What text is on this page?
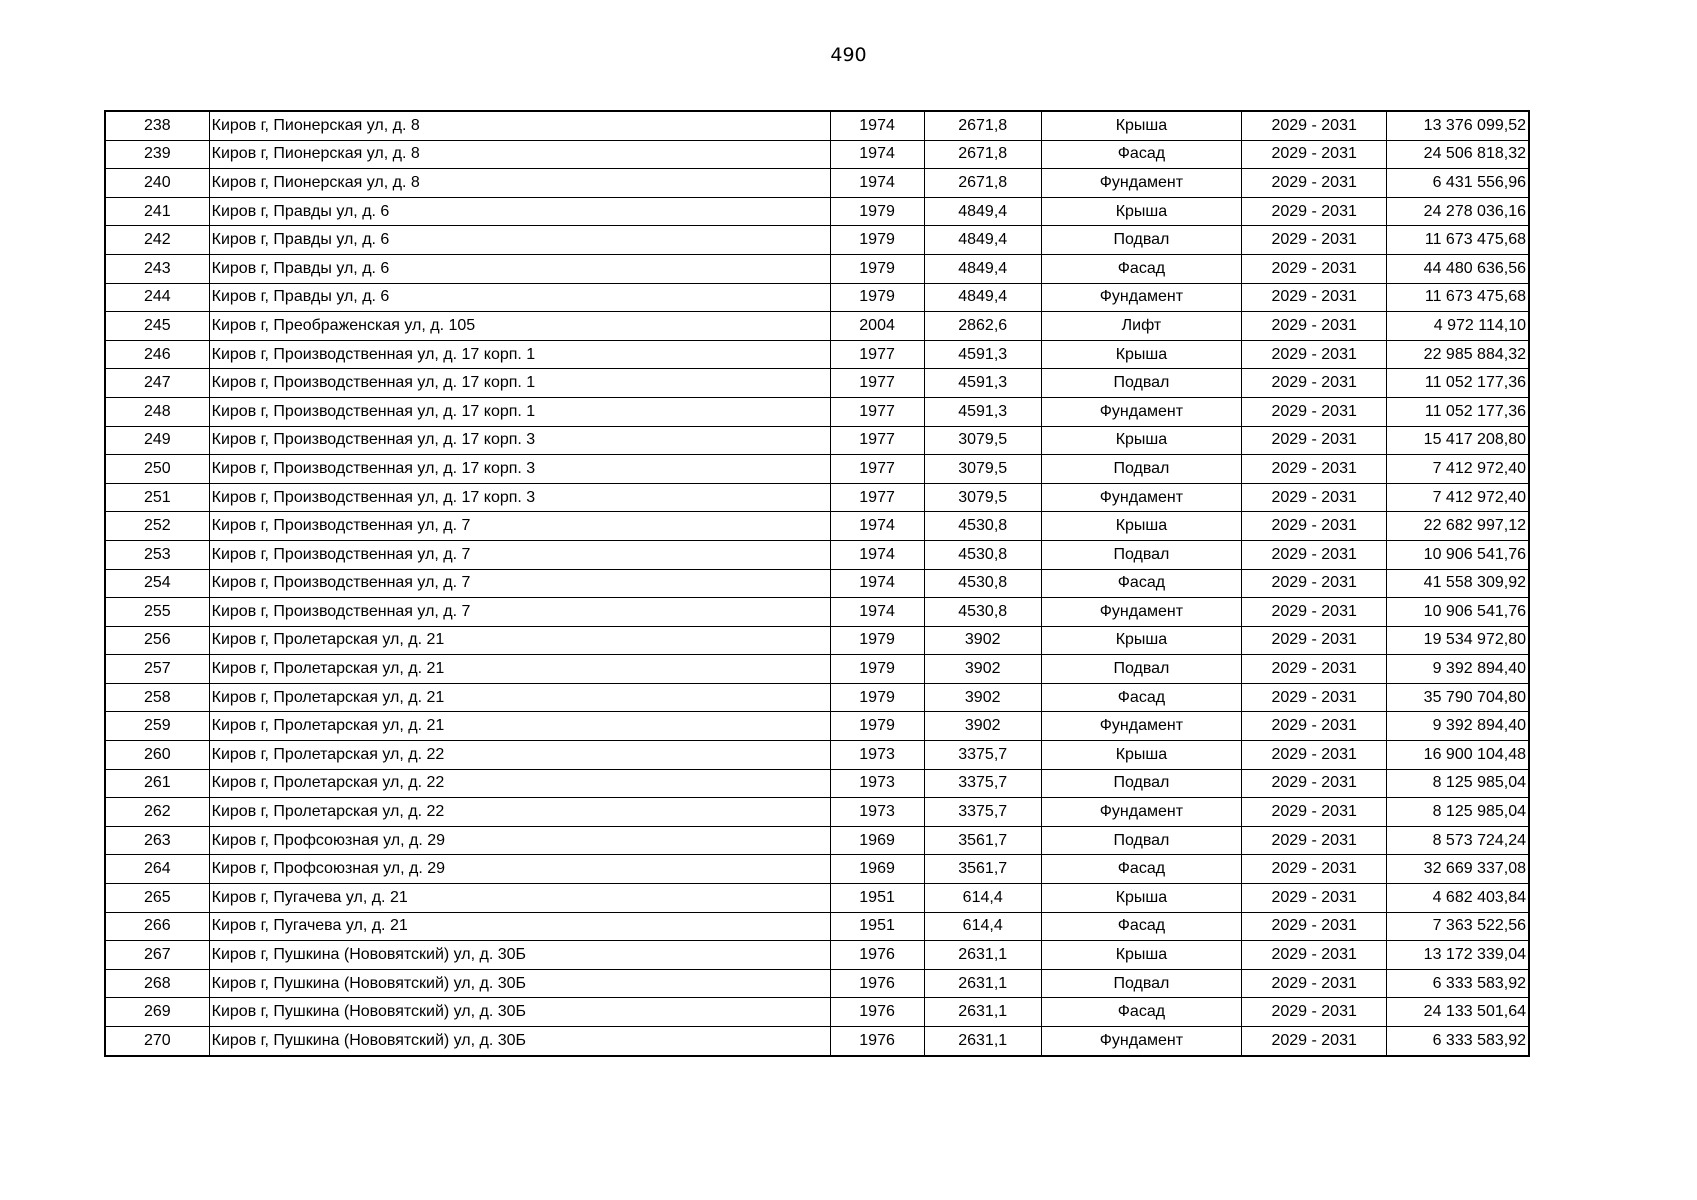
490
238	Киров г, Пионерская ул, д. 8	1974	2671,8	Крыша	2029 - 2031	13 376 099,52
239	Киров г, Пионерская ул, д. 8	1974	2671,8	Фасад	2029 - 2031	24 506 818,32
240	Киров г, Пионерская ул, д. 8	1974	2671,8	Фундамент	2029 - 2031	6 431 556,96
241	Киров г, Правды ул, д. 6	1979	4849,4	Крыша	2029 - 2031	24 278 036,16
242	Киров г, Правды ул, д. 6	1979	4849,4	Подвал	2029 - 2031	11 673 475,68
243	Киров г, Правды ул, д. 6	1979	4849,4	Фасад	2029 - 2031	44 480 636,56
244	Киров г, Правды ул, д. 6	1979	4849,4	Фундамент	2029 - 2031	11 673 475,68
245	Киров г, Преображенская ул, д. 105	2004	2862,6	Лифт	2029 - 2031	4 972 114,10
246	Киров г, Производственная ул, д. 17 корп. 1	1977	4591,3	Крыша	2029 - 2031	22 985 884,32
247	Киров г, Производственная ул, д. 17 корп. 1	1977	4591,3	Подвал	2029 - 2031	11 052 177,36
248	Киров г, Производственная ул, д. 17 корп. 1	1977	4591,3	Фундамент	2029 - 2031	11 052 177,36
249	Киров г, Производственная ул, д. 17 корп. 3	1977	3079,5	Крыша	2029 - 2031	15 417 208,80
250	Киров г, Производственная ул, д. 17 корп. 3	1977	3079,5	Подвал	2029 - 2031	7 412 972,40
251	Киров г, Производственная ул, д. 17 корп. 3	1977	3079,5	Фундамент	2029 - 2031	7 412 972,40
252	Киров г, Производственная ул, д. 7	1974	4530,8	Крыша	2029 - 2031	22 682 997,12
253	Киров г, Производственная ул, д. 7	1974	4530,8	Подвал	2029 - 2031	10 906 541,76
254	Киров г, Производственная ул, д. 7	1974	4530,8	Фасад	2029 - 2031	41 558 309,92
255	Киров г, Производственная ул, д. 7	1974	4530,8	Фундамент	2029 - 2031	10 906 541,76
256	Киров г, Пролетарская ул, д. 21	1979	3902	Крыша	2029 - 2031	19 534 972,80
257	Киров г, Пролетарская ул, д. 21	1979	3902	Подвал	2029 - 2031	9 392 894,40
258	Киров г, Пролетарская ул, д. 21	1979	3902	Фасад	2029 - 2031	35 790 704,80
259	Киров г, Пролетарская ул, д. 21	1979	3902	Фундамент	2029 - 2031	9 392 894,40
260	Киров г, Пролетарская ул, д. 22	1973	3375,7	Крыша	2029 - 2031	16 900 104,48
261	Киров г, Пролетарская ул, д. 22	1973	3375,7	Подвал	2029 - 2031	8 125 985,04
262	Киров г, Пролетарская ул, д. 22	1973	3375,7	Фундамент	2029 - 2031	8 125 985,04
263	Киров г, Профсоюзная ул, д. 29	1969	3561,7	Подвал	2029 - 2031	8 573 724,24
264	Киров г, Профсоюзная ул, д. 29	1969	3561,7	Фасад	2029 - 2031	32 669 337,08
265	Киров г, Пугачева ул, д. 21	1951	614,4	Крыша	2029 - 2031	4 682 403,84
266	Киров г, Пугачева ул, д. 21	1951	614,4	Фасад	2029 - 2031	7 363 522,56
267	Киров г, Пушкина (Нововятский) ул, д. 30Б	1976	2631,1	Крыша	2029 - 2031	13 172 339,04
268	Киров г, Пушкина (Нововятский) ул, д. 30Б	1976	2631,1	Подвал	2029 - 2031	6 333 583,92
269	Киров г, Пушкина (Нововятский) ул, д. 30Б	1976	2631,1	Фасад	2029 - 2031	24 133 501,64
270	Киров г, Пушкина (Нововятский) ул, д. 30Б	1976	2631,1	Фундамент	2029 - 2031	6 333 583,92
